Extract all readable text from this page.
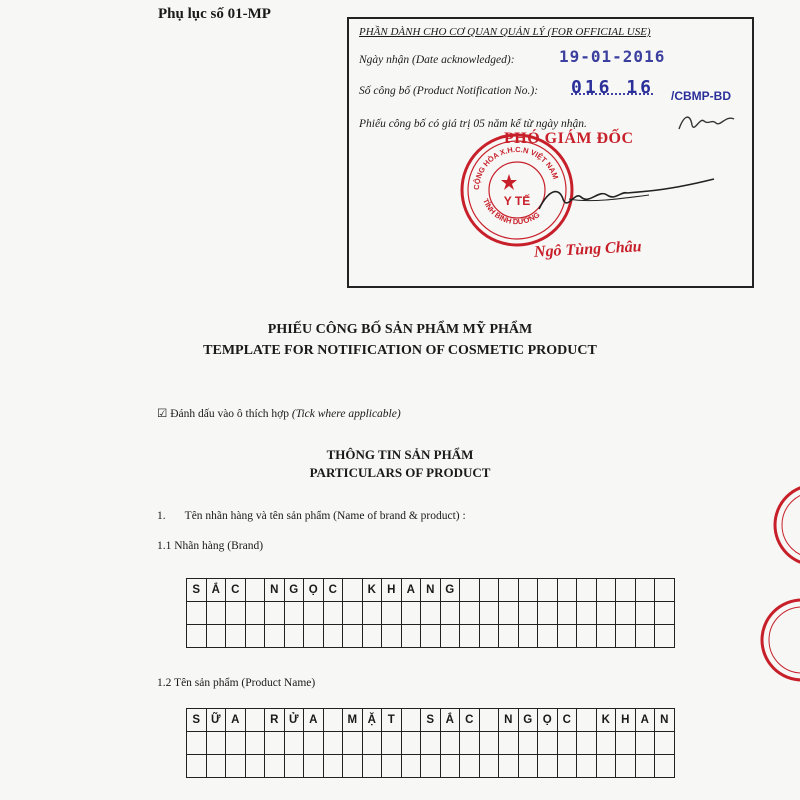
Phụ lục số 01-MP
PHẦN DÀNH CHO CƠ QUAN QUẢN LÝ (FOR OFFICIAL USE)
Ngày nhận (Date acknowledged):	19-01-2016
Số công bố (Product Notification No.): 016 16 /CBMP-BD
Phiếu công bố có giá trị 05 năm kể từ ngày nhận.
CỘNG HÒA X.H.C.N VIỆT NAM
TỈNH BÌNH DƯƠNG
Y TẾ
PHÓ GIÁM ĐỐC
Ngô Tùng Châu
PHIẾU CÔNG BỐ SẢN PHẨM MỸ PHẨM
TEMPLATE FOR NOTIFICATION OF COSMETIC PRODUCT
☑ Đánh dấu vào ô thích hợp (Tick where applicable)
THÔNG TIN SẢN PHẨM
PARTICULARS OF PRODUCT
1. Tên nhãn hàng và tên sản phẩm (Name of brand & product) :
1.1 Nhãn hàng (Brand)
S	Ắ C	N G Ọ C	K H A N G
1.2 Tên sản phẩm (Product Name)
S Ữ A	R Ử A	M Ặ	T	S	Ắ C	N G Ọ C	K H A N
